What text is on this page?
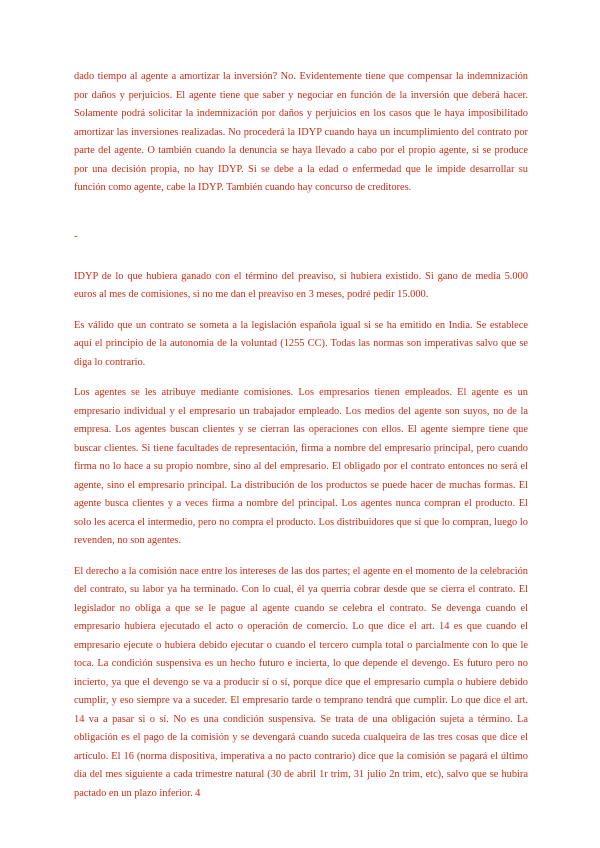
dado tiempo al agente a amortizar la inversión? No. Evidentemente tiene que compensar la indemnización por daños y perjuicios. El agente tiene que saber y negociar en función de la inversión que deberá hacer. Solamente podrá solicitar la indemnización por daños y perjuicios en los casos que le haya imposibilitado amortizar las inversiones realizadas. No procederá la IDYP cuando haya un incumplimiento del contrato por parte del agente. O también cuando la denuncia se haya llevado a cabo por el propio agente, si se produce por una decisión propia, no hay IDYP. Si se debe a la edad o enfermedad que le impide desarrollar su función como agente, cabe la IDYP. También cuando hay concurso de creditores.

-

IDYP de lo que hubiera ganado con el término del preaviso, si hubiera existido. Si gano de media 5.000 euros al mes de comisiones, si no me dan el preaviso en 3 meses, podré pedir 15.000.

Es válido que un contrato se someta a la legislación española igual si se ha emitido en India. Se establece aquí el principio de la autonomia de la voluntad (1255 CC). Todas las normas son imperativas salvo que se diga lo contrario.

Los agentes se les atribuye mediante comisiones. Los empresarios tienen empleados. El agente es un empresario individual y el empresario un trabajador empleado. Los medios del agente son suyos, no de la empresa. Los agentes buscan clientes y se cierran las operaciones con ellos. El agente siempre tiene que buscar clientes. Si tiene facultades de representación, firma a nombre del empresario principal, pero cuando firma no lo hace a su propio nombre, sino al del empresario. El obligado por el contrato entonces no será el agente, sino el empresario principal. La distribución de los productos se puede hacer de muchas formas. El agente busca clientes y a veces firma a nombre del principal. Los agentes nunca compran el producto. El solo les acerca el intermedio, pero no compra el producto. Los distribuidores que sí que lo compran, luego lo revenden, no son agentes.

El derecho a la comisión nace entre los intereses de las dos partes; el agente en el momento de la celebración del contrato, su labor ya ha terminado. Con lo cual, él ya querria cobrar desde que se cierra el contrato. El legislador no obliga a que se le pague al agente cuando se celebra el contrato. Se devenga cuando el empresario hubiera ejecutado el acto o operación de comercio. Lo que dice el art. 14 es que cuando el empresario ejecute o hubiera debido ejecutar o cuando el tercero cumpla total o parcialmente con lo que le toca. La condición suspensiva es un hecho futuro e incierta, lo que depende el devengo. Es futuro pero no incierto, ya que el devengo se va a producir sí o sí, porque dice que el empresario cumpla o hubiere debido cumplir, y eso siempre va a suceder. El empresario tarde o temprano tendrá que cumplir. Lo que dice el art. 14 va a pasar si o sí. No es una condición suspensiva. Se trata de una obligación sujeta a término. La obligación es el pago de la comisión y se devengará cuando suceda cualqueira de las tres cosas que dice el artículo. El 16 (norma dispositiva, imperativa a no pacto contrario) dice que la comisión se pagará el último día del mes siguiente a cada trimestre natural (30 de abril 1r trim, 31 julio 2n trim, etc), salvo que se hubira pactado en un plazo inferior. 4
